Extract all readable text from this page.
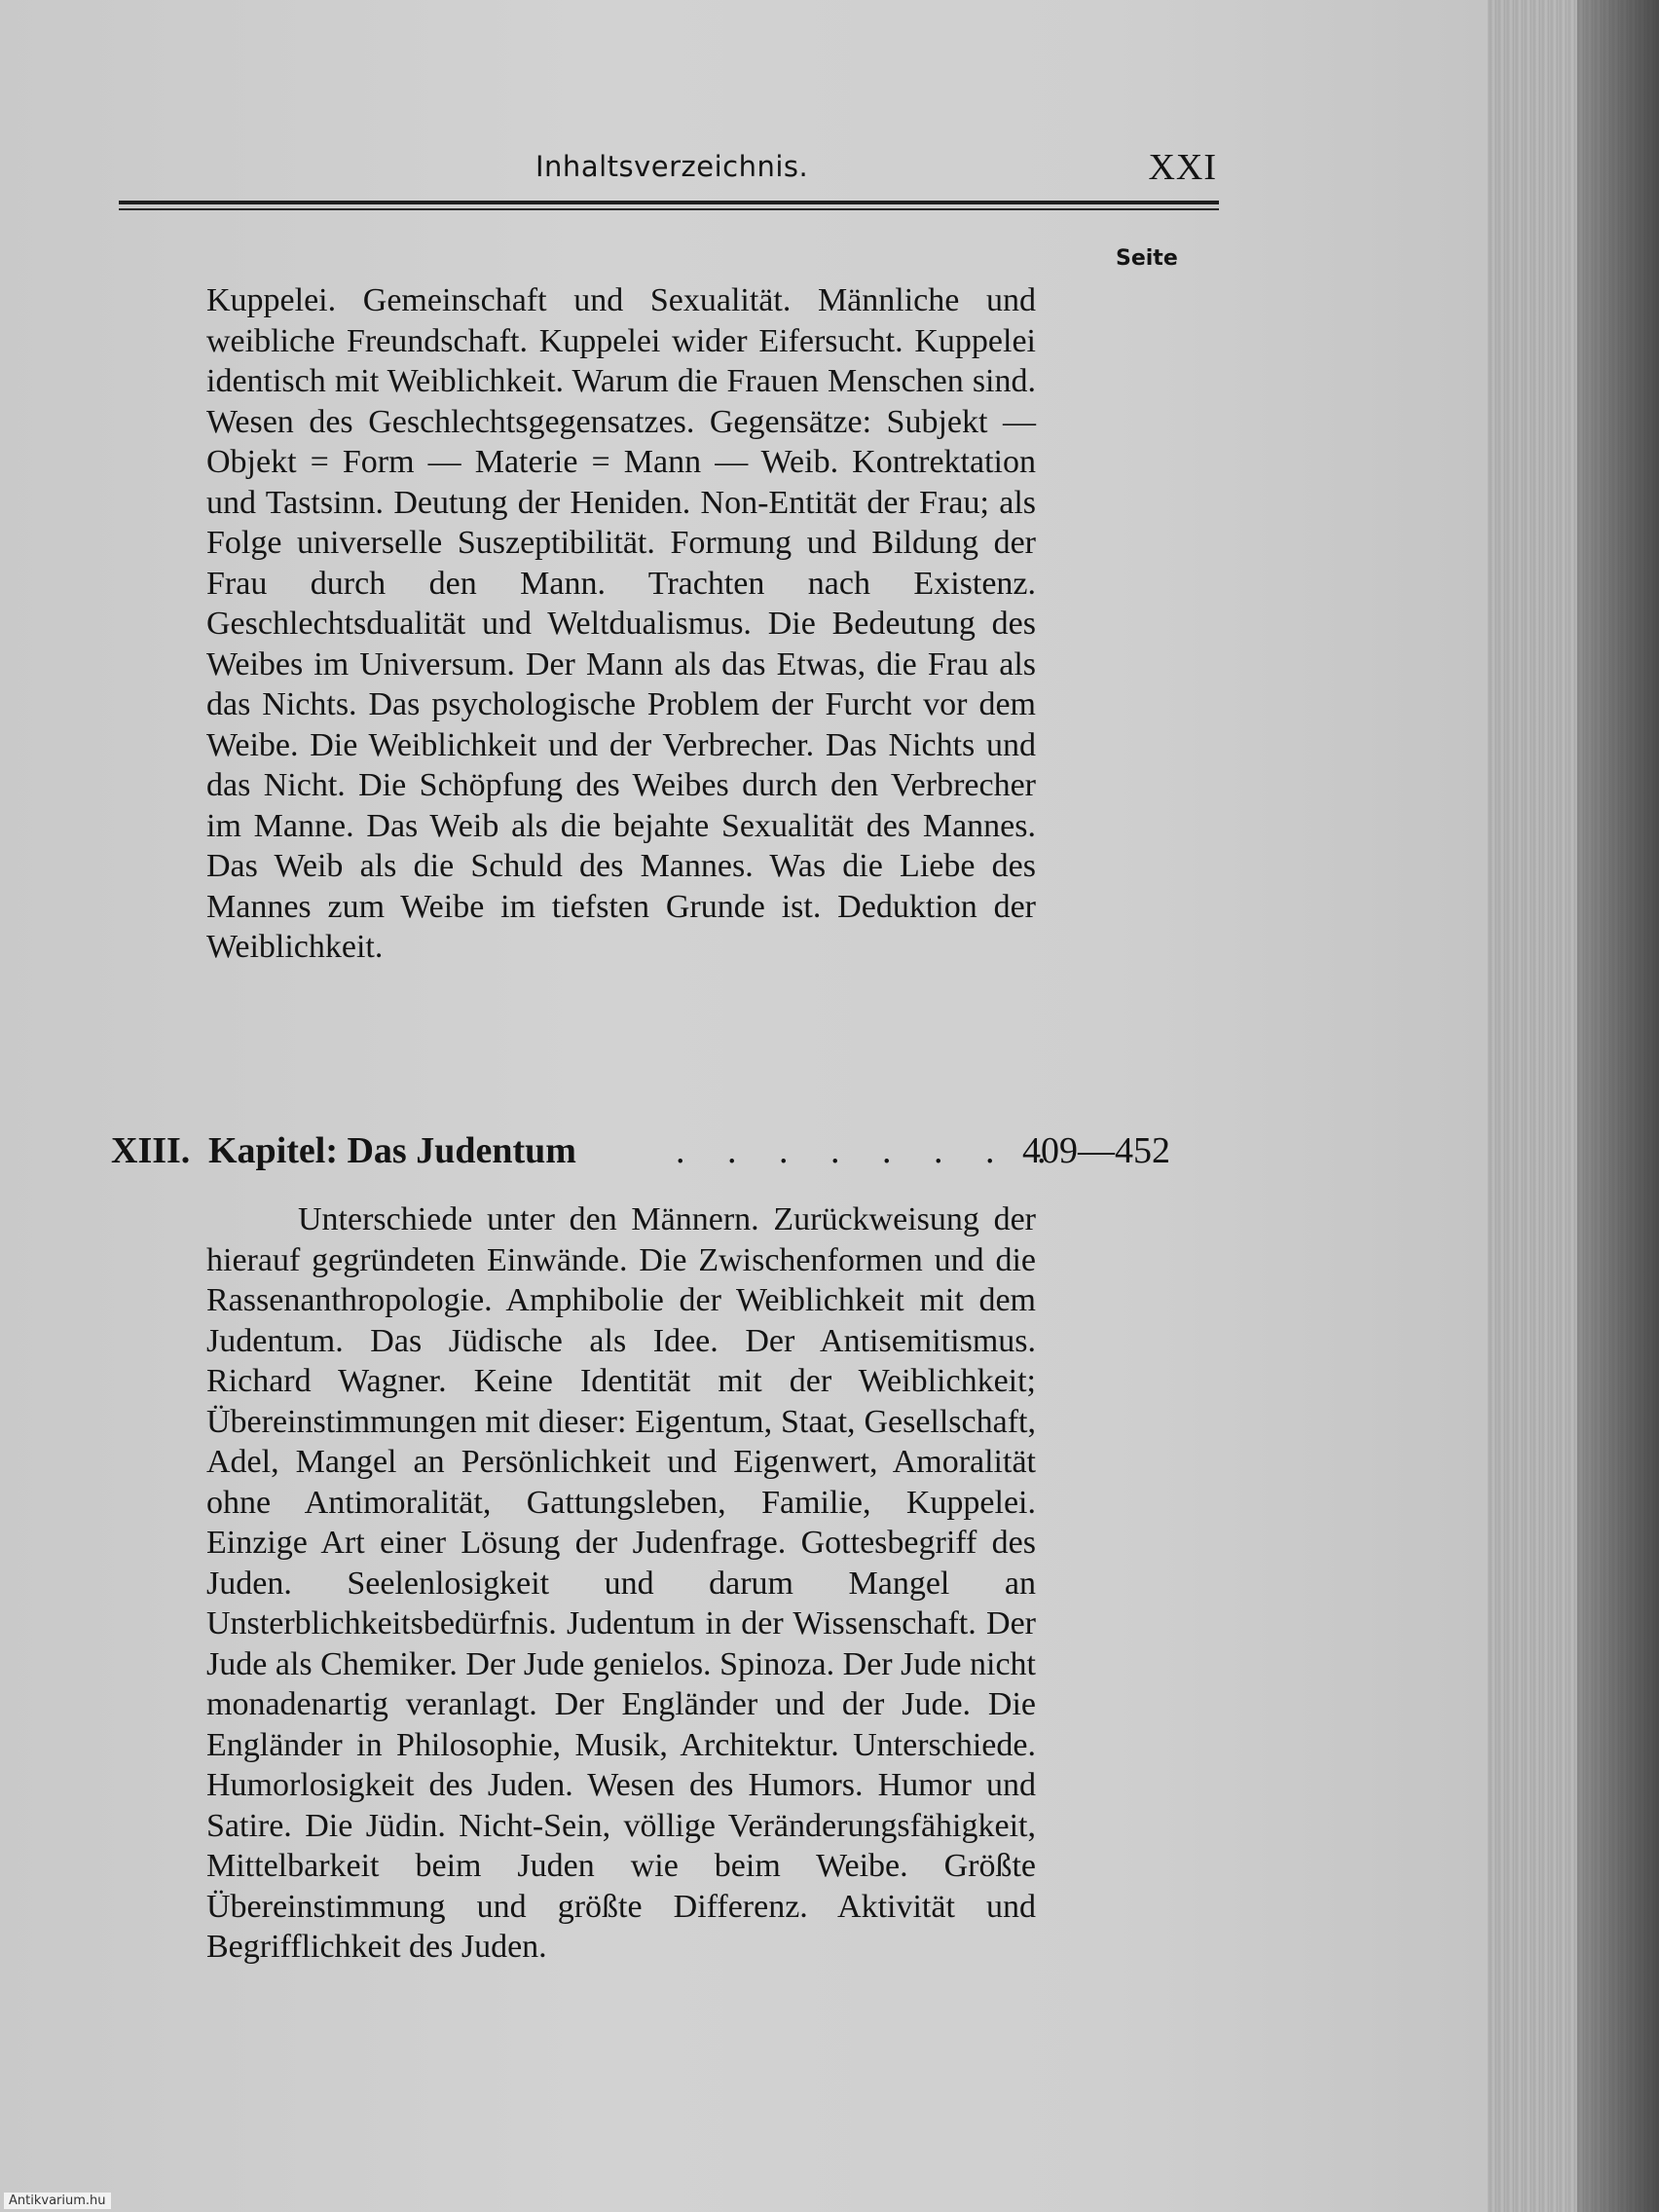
Inhaltsverzeichnis.	XXI
Seite

Kuppelei. Gemeinschaft und Sexualität. Männliche und weibliche Freundschaft. Kuppelei wider Eifersucht. Kuppelei identisch mit Weiblichkeit. Warum die Frauen Menschen sind. Wesen des Geschlechtsgegensatzes. Gegensätze: Subjekt — Objekt = Form — Materie = Mann — Weib. Kontrektation und Tastsinn. Deutung der Heniden. Non-Entität der Frau; als Folge universelle Suszeptibilität. Formung und Bildung der Frau durch den Mann. Trachten nach Existenz. Geschlechtsdualität und Weltdualismus. Die Bedeutung des Weibes im Universum. Der Mann als das Etwas, die Frau als das Nichts. Das psychologische Problem der Furcht vor dem Weibe. Die Weiblichkeit und der Verbrecher. Das Nichts und das Nicht. Die Schöpfung des Weibes durch den Verbrecher im Manne. Das Weib als die bejahte Sexualität des Mannes. Das Weib als die Schuld des Mannes. Was die Liebe des Mannes zum Weibe im tiefsten Grunde ist. Deduktion der Weiblichkeit.

XIII. Kapitel: Das Judentum	. . . . . . . .
409—452

Unterschiede unter den Männern. Zurückweisung der hierauf gegründeten Einwände. Die Zwischenformen und die Rassenanthropologie. Amphibolie der Weiblichkeit mit dem Judentum. Das Jüdische als Idee. Der Antisemitismus. Richard Wagner. Keine Identität mit der Weiblichkeit; Übereinstimmungen mit dieser: Eigentum, Staat, Gesellschaft, Adel, Mangel an Persönlichkeit und Eigenwert, Amoralität ohne Antimoralität, Gattungsleben, Familie, Kuppelei. Einzige Art einer Lösung der Judenfrage. Gottesbegriff des Juden. Seelenlosigkeit und darum Mangel an Unsterblichkeitsbedürfnis. Judentum in der Wissenschaft. Der Jude als Chemiker. Der Jude genielos. Spinoza. Der Jude nicht monadenartig veranlagt. Der Engländer und der Jude. Die Engländer in Philosophie, Musik, Architektur. Unterschiede. Humorlosigkeit des Juden. Wesen des Humors. Humor und Satire. Die Jüdin. Nicht-Sein, völlige Veränderungsfähigkeit, Mittelbarkeit beim Juden wie beim Weibe. Größte Übereinstimmung und größte Differenz. Aktivität und Begrifflichkeit des Juden.

Antikvarium.hu
